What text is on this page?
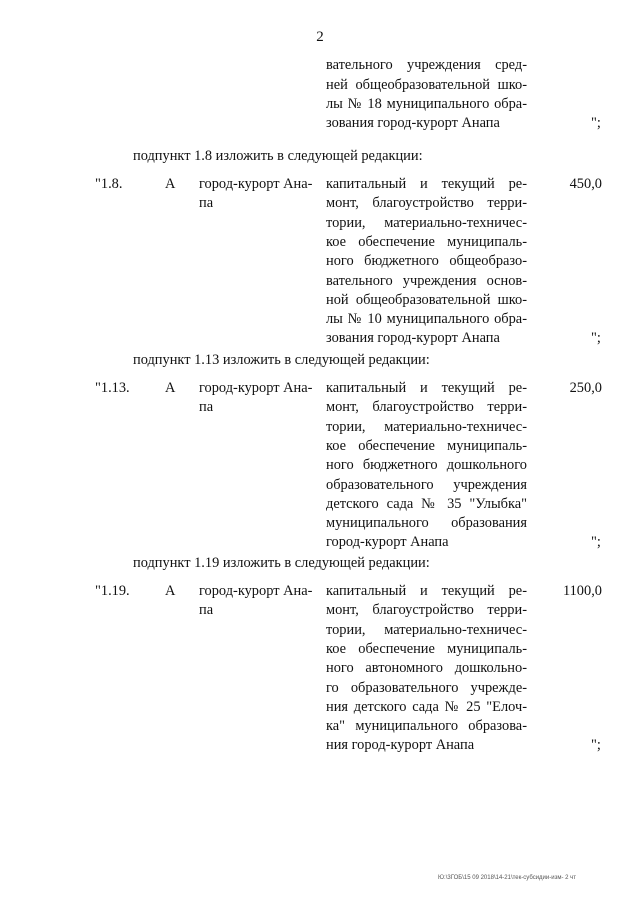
2
вательного учреждения сред-
ней общеобразовательной шко-
лы № 18 муниципального обра-
зования город-курорт Анапа	";
подпункт 1.8 изложить в следующей редакции:
"1.8.	А город-курорт Ана-
па
капитальный и текущий ре-
монт, благоустройство терри-
тории, материально-техничес-
кое обеспечение муниципаль-
ного бюджетного общеобразо-
вательного учреждения основ-
ной общеобразовательной шко-
лы № 10 муниципального обра-
зования город-курорт Анапа
450,0
";
подпункт 1.13 изложить в следующей редакции:
"1.13. А город-курорт Ана-
па
капитальный и текущий ре-
монт, благоустройство терри-
тории, материально-техничес-
кое обеспечение муниципаль-
ного бюджетного дошкольного
образовательного учреждения
детского сада № 35 "Улыбка"
муниципального образования
город-курорт Анапа
250,0
";
подпункт 1.19 изложить в следующей редакции:
"1.19. А город-курорт Ана-
па
капитальный и текущий ре-
монт, благоустройство терри-
тории, материально-техничес-
кое обеспечение муниципаль-
ного автономного дошкольно-
го образовательного учрежде-
ния детского сада № 25 "Елоч-
ка" муниципального образова-
ния город-курорт Анапа
1100,0
";
Ю:\3ГОБ\15 09 2018\14-21\тек-субсидии-изм- 2 чт
